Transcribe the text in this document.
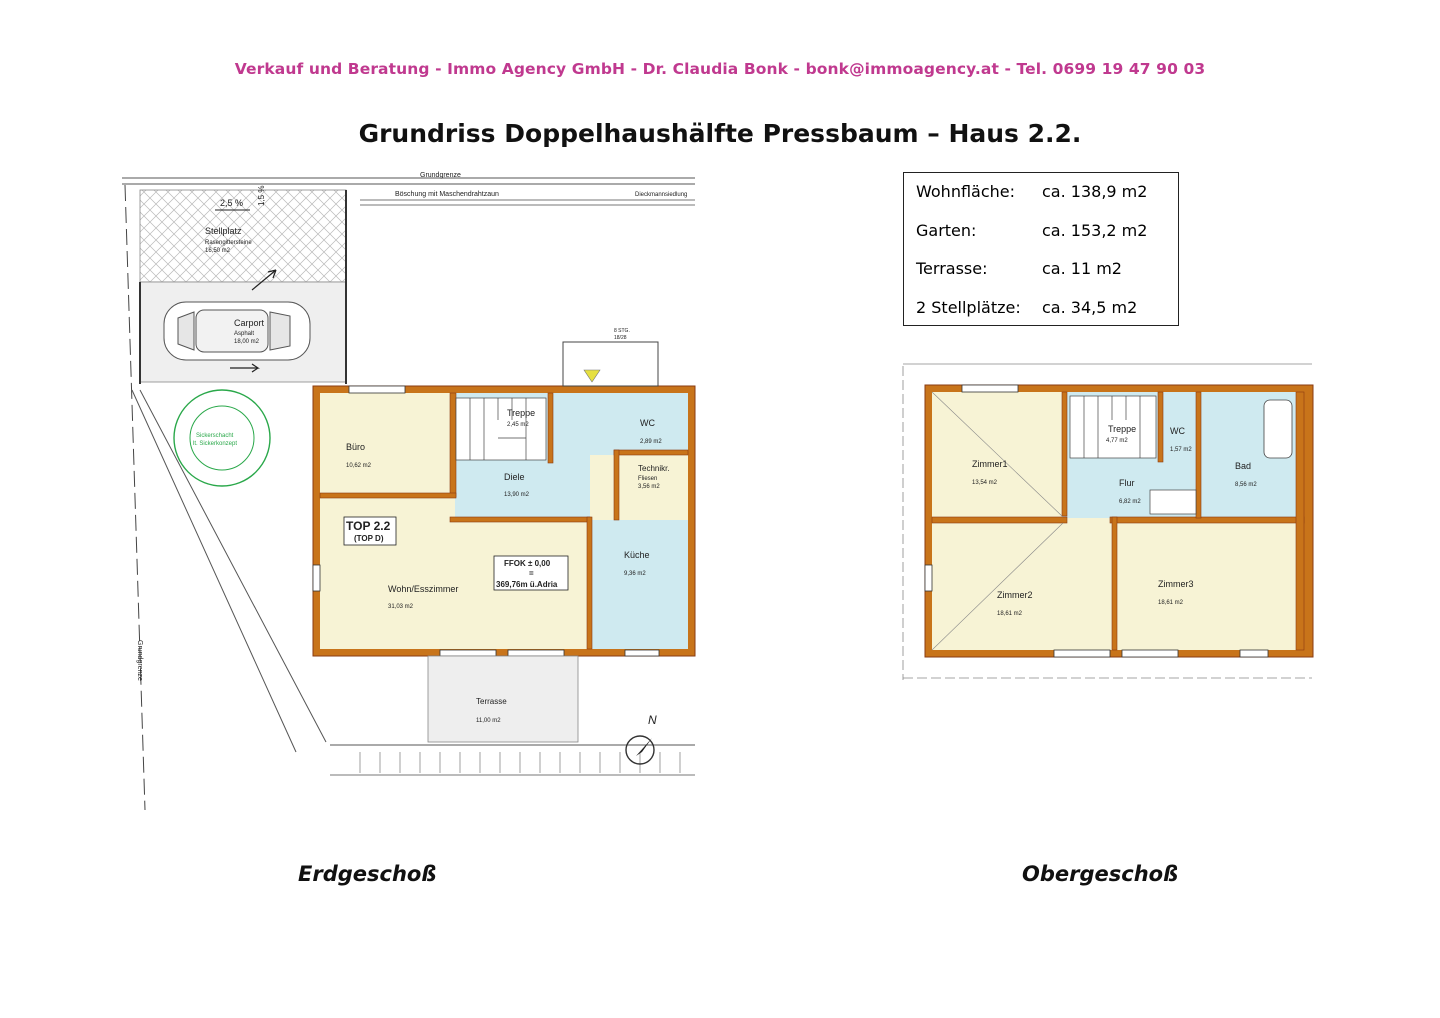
Verkauf und Beratung - Immo Agency GmbH - Dr. Claudia Bonk - bonk@immoagency.at - Tel. 0699 19 47 90 03
Grundriss Doppelhaushälfte Pressbaum – Haus 2.2.
Wohnfläche: ca. 138,9 m2
Garten:	ca. 153,2 m2
Terrasse:	ca. 11 m2
2 Stellplätze: ca. 34,5 m2
Grundgrenze
Böschung mit Maschendrahtzaun	Dieckmannsiedlung
Grundgrenze
Stellplatz
Rasengittersteine
16,50 m2
2,5 % 1,5 %
Carport
Asphalt
18,00 m2
Sickerschacht
lt. Sickerkonzept
Treppe
2,45 m2
8 STG.
18/28
Terrasse
11,00 m2
Büro
10,62 m2
WC
2,89 m2
Diele
13,90 m2
Technikr.
Fliesen
3,56 m2
TOP 2.2
(TOP D)
FFOK ± 0,00
=
369,76m ü.Adria
Küche
9,36 m2
Wohn/Esszimmer
31,03 m2
N
Zimmer1
13,54 m2
Treppe
4,77 m2
WC
1,57 m2
Bad
8,56 m2
Flur
6,82 m2
Zimmer2
18,61 m2
Zimmer3
18,61 m2
Erdgeschoß	Obergeschoß
